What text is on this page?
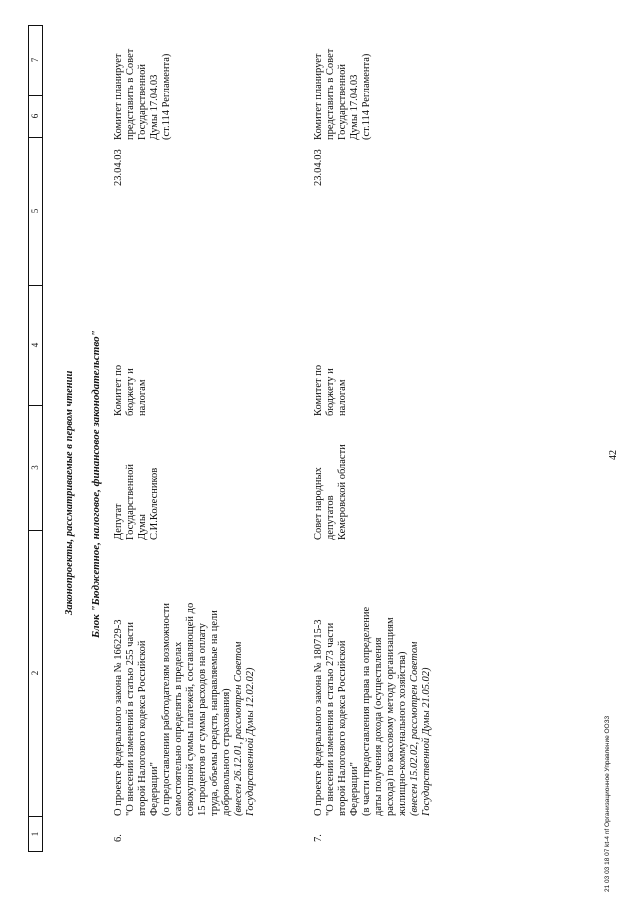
42
1
2
3
4
5
6
7
Законопроекты, рассматриваемые в первом чтении Блок "Бюджетное, налоговое, финансовое законодательство"
6.
О проекте федерального закона № 166229-3 "О внесении изменений в статью 255 части второй Налогового кодекса Российской Федерации" (о предоставлении работодателям возможности самостоятельно определять в пределах совокупной суммы платежей, составляющей до 15 процентов от суммы расходов на оплату труда, объемы средств, направляемые на цели добровольного страхования) (внесен 26.12.01, рассмотрен Советом Государственной Думы 12.02.02)
Депутат Государственной Думы С.И.Колесников
Комитет по бюджету и налогам
23.04.03
Комитет планирует представить в Совет Государственной Думы 17.04.03 (ст.114 Регламента)
7.
О проекте федерального закона № 180715-3 "О внесении изменения в статью 273 части второй Налогового кодекса Российской Федерации" (в части предоставления права на определение даты получения дохода (осуществления расхода) по кассовому методу организациям жилищно-коммунального хозяйства) (внесен 15.02.02, рассмотрен Советом Государственной Думы 21.05.02)
Совет народных депутатов Кемеровской области
Комитет по бюджету и налогам
23.04.03
Комитет планирует представить в Совет Государственной Думы 17.04.03 (ст.114 Регламента)
21 03 03 18 07 kt-4 nf Организационное Управление ООЗ3
